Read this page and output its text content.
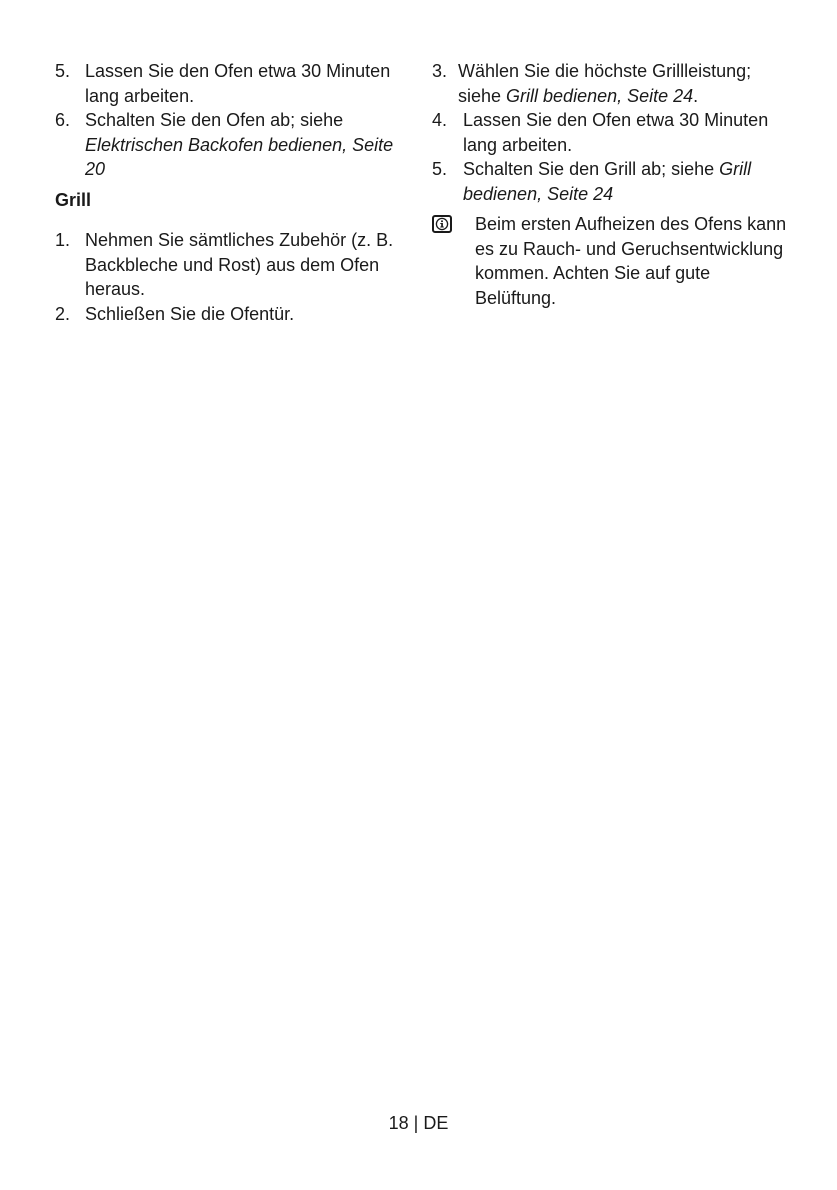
5. Lassen Sie den Ofen etwa 30 Minuten lang arbeiten.
6. Schalten Sie den Ofen ab; siehe Elektrischen Backofen bedienen, Seite 20
Grill
1. Nehmen Sie sämtliches Zubehör (z. B. Backbleche und Rost) aus dem Ofen heraus.
2. Schließen Sie die Ofentür.
3. Wählen Sie die höchste Grillleistung; siehe Grill bedienen, Seite 24.
4. Lassen Sie den Ofen etwa 30 Minuten lang arbeiten.
5. Schalten Sie den Grill ab; siehe Grill bedienen, Seite 24
Beim ersten Aufheizen des Ofens kann es zu Rauch- und Geruchsentwicklung kommen. Achten Sie auf gute Belüftung.
18 | DE
